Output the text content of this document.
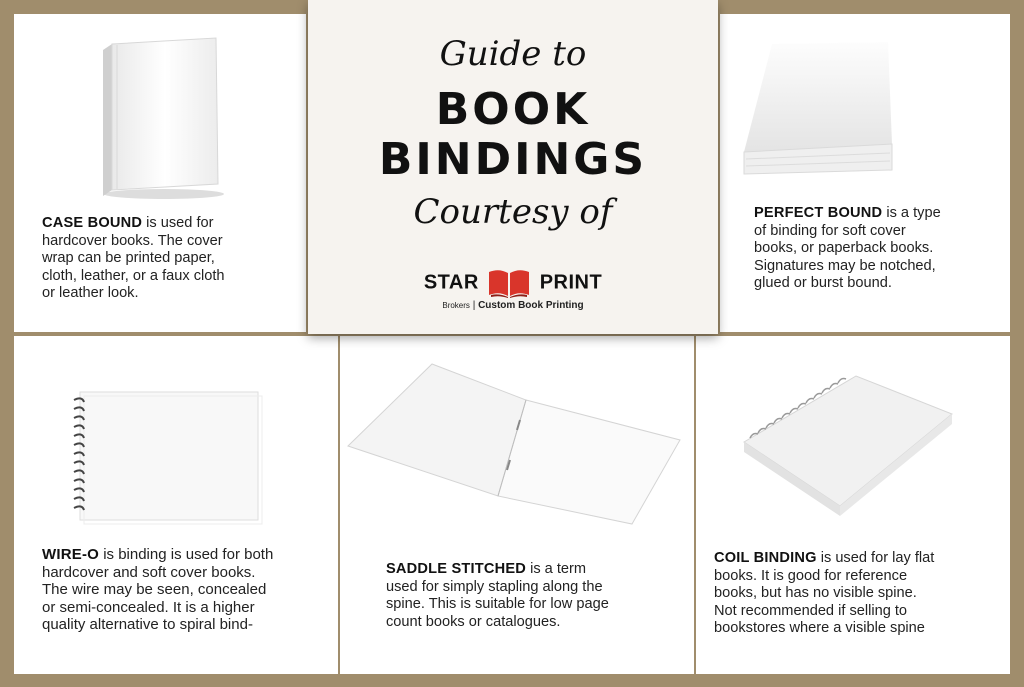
CASE BOUND is used for
hardcover books. The cover
wrap can be printed paper,
cloth, leather, or a faux cloth
or leather look.
PERFECT BOUND is a type
of binding for soft cover
books, or paperback books.
Signatures may be notched,
glued or burst bound.
WIRE-O is binding is used for both
hardcover and soft cover books.
The wire may be seen, concealed
or semi-concealed. It is a higher
quality alternative to spiral bind-
SADDLE STITCHED is a term
used for simply stapling along the
spine. This is suitable for low page
count books or catalogues.
COIL BINDING is used for lay flat
books. It is good for reference
books, but has no visible spine.
Not recommended if selling to
bookstores where a visible spine
Guide to
BOOK
BINDINGS
Courtesy of
STAR	PRINT
Brokers | Custom Book Printing
